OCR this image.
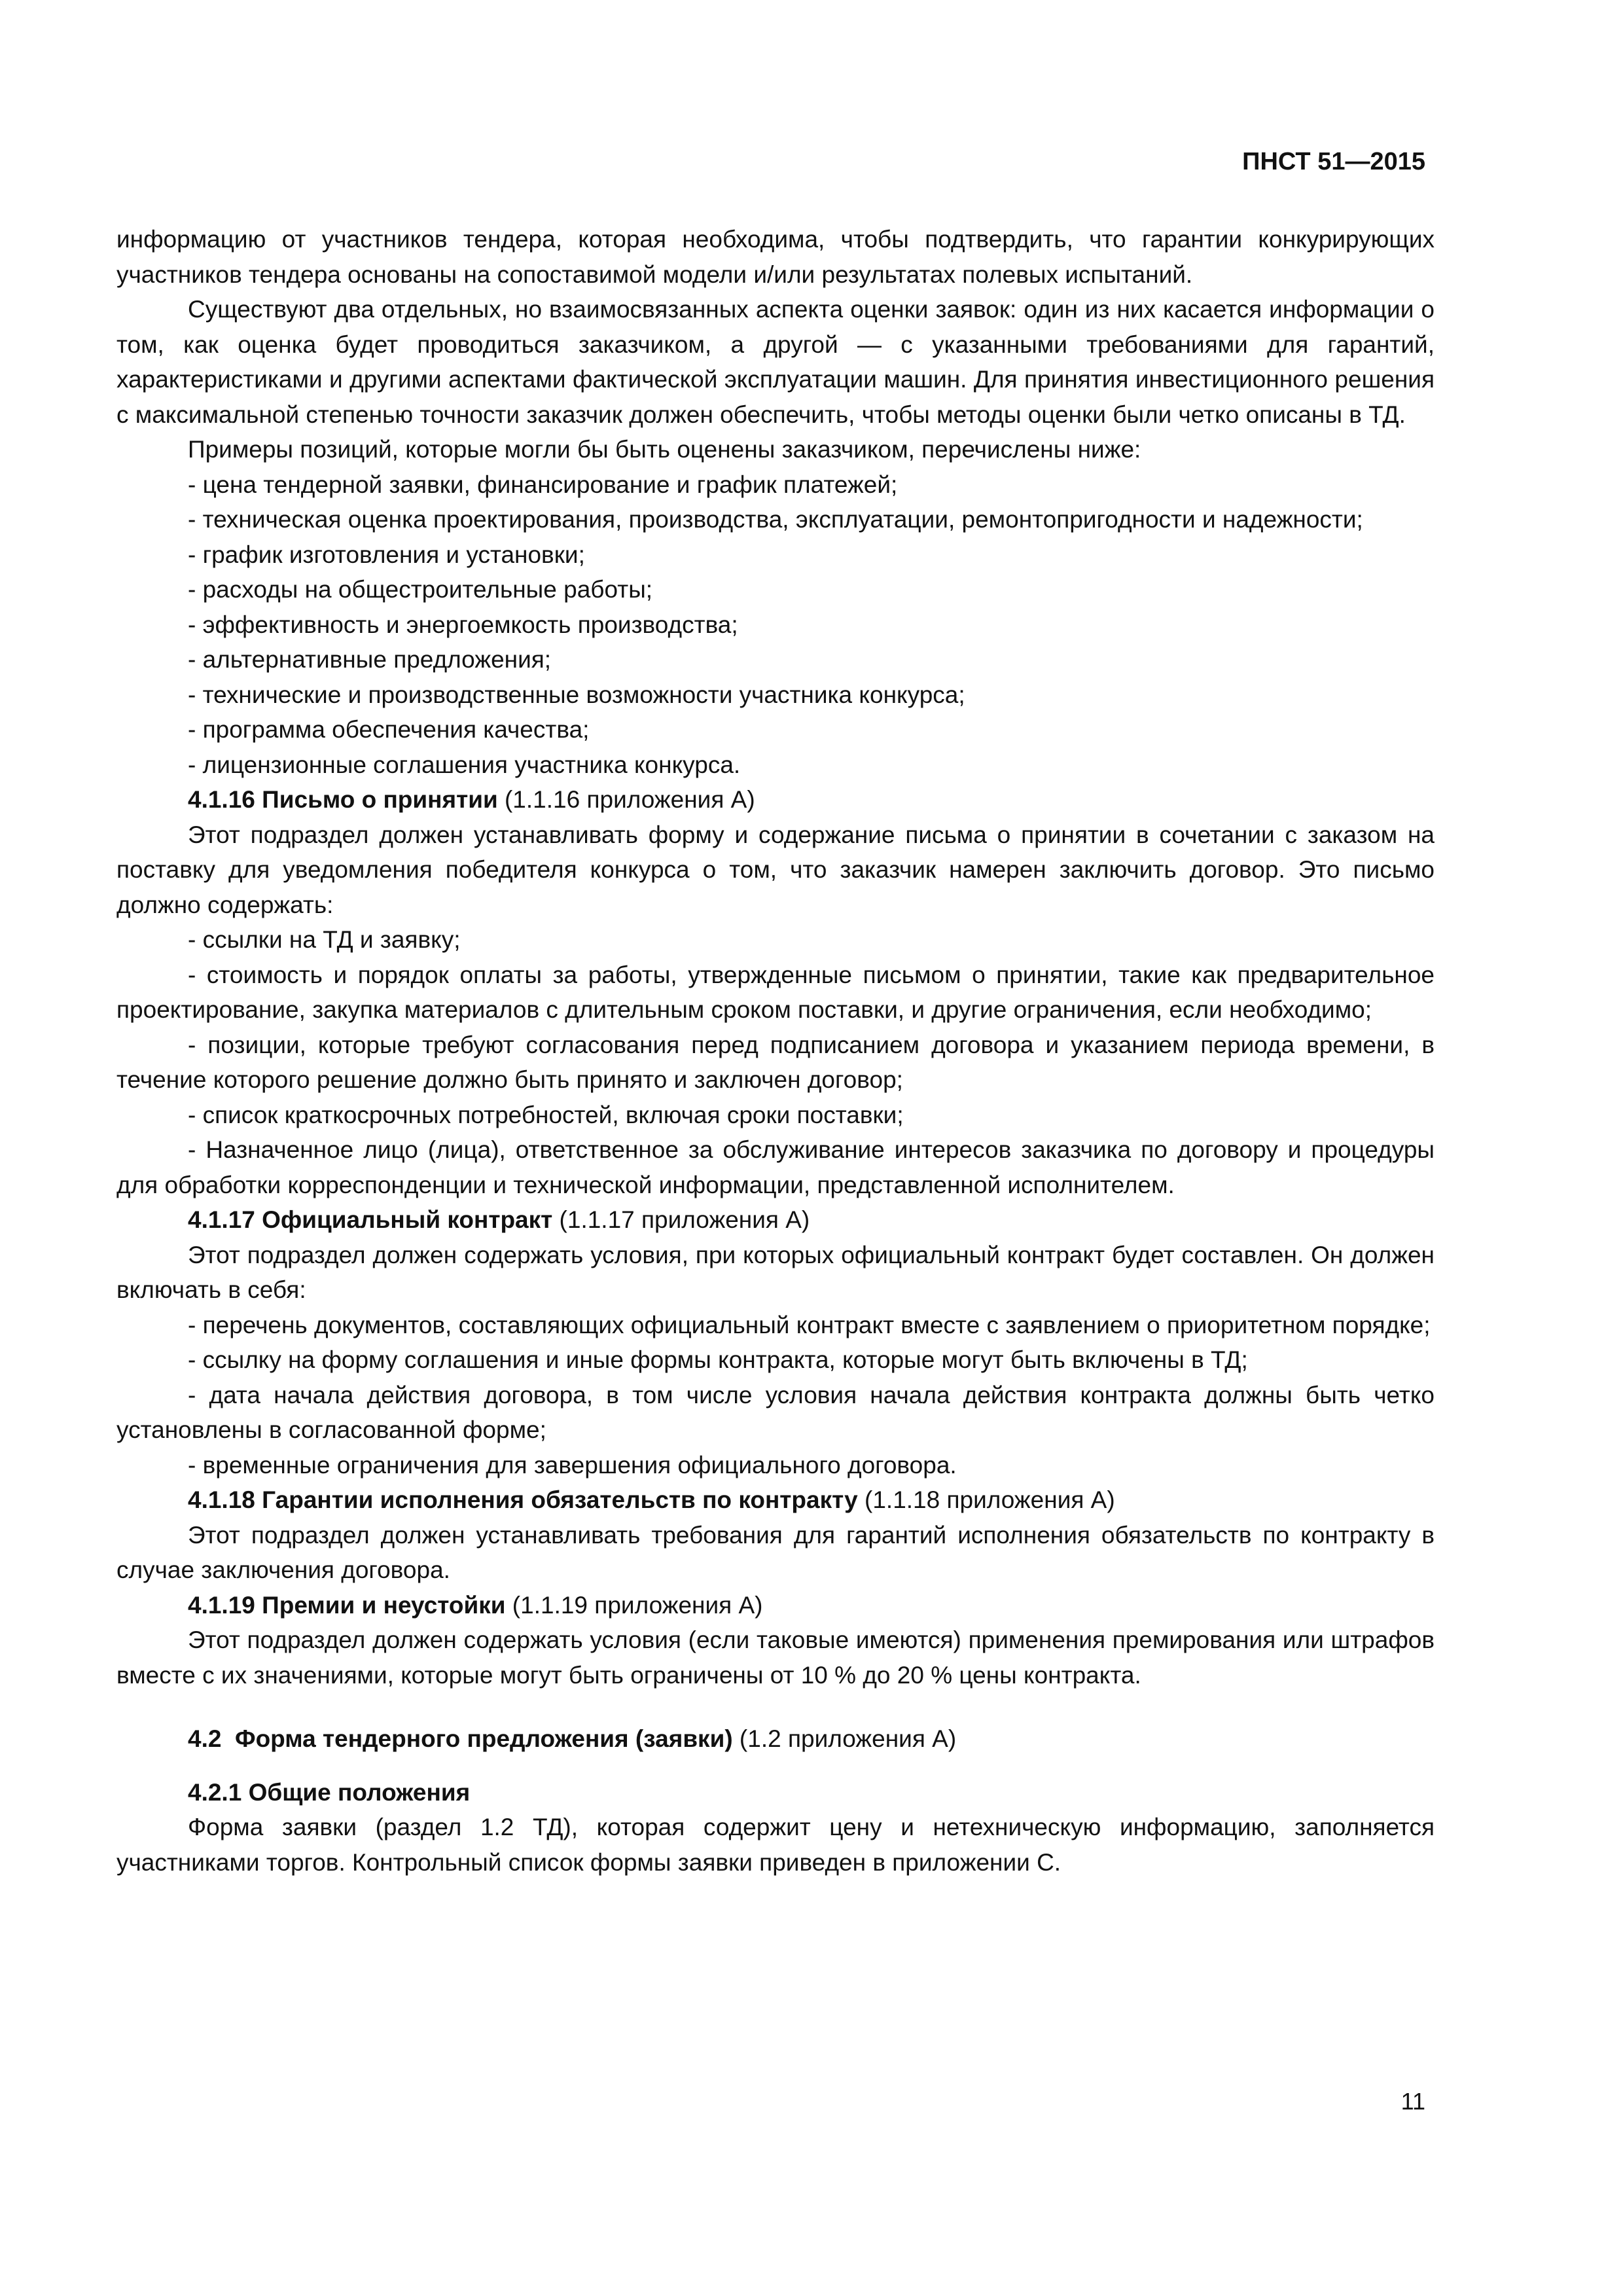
ПНСТ 51—2015

информацию от участников тендера, которая необходима, чтобы подтвердить, что гарантии конкурирующих участников тендера основаны на сопоставимой модели и/или результатах полевых испытаний.

Существуют два отдельных, но взаимосвязанных аспекта оценки заявок: один из них касается информации о том, как оценка будет проводиться заказчиком, а другой — с указанными требованиями для гарантий, характеристиками и другими аспектами фактической эксплуатации машин. Для принятия инвестиционного решения с максимальной степенью точности заказчик должен обеспечить, чтобы методы оценки были четко описаны в ТД.

Примеры позиций, которые могли бы быть оценены заказчиком, перечислены ниже:

- цена тендерной заявки, финансирование и график платежей;

- техническая оценка проектирования, производства, эксплуатации, ремонтопригодности и надежности;

- график изготовления и установки;

- расходы на общестроительные работы;

- эффективность и энергоемкость производства;

- альтернативные предложения;

- технические и производственные возможности участника конкурса;

- программа обеспечения качества;

- лицензионные соглашения участника конкурса.

4.1.16 Письмо о принятии (1.1.16 приложения А)

Этот подраздел должен устанавливать форму и содержание письма о принятии в сочетании с заказом на поставку для уведомления победителя конкурса о том, что заказчик намерен заключить договор. Это письмо должно содержать:

- ссылки на ТД и заявку;

- стоимость и порядок оплаты за работы, утвержденные письмом о принятии, такие как предварительное проектирование, закупка материалов с длительным сроком поставки, и другие ограничения, если необходимо;

- позиции, которые требуют согласования перед подписанием договора и указанием периода времени, в течение которого решение должно быть принято и заключен договор;

- список краткосрочных потребностей, включая сроки поставки;

- Назначенное лицо (лица), ответственное за обслуживание интересов заказчика по договору и процедуры для обработки корреспонденции и технической информации, представленной исполнителем.

4.1.17 Официальный контракт (1.1.17 приложения А)

Этот подраздел должен содержать условия, при которых официальный контракт будет составлен. Он должен включать в себя:

- перечень документов, составляющих официальный контракт вместе с заявлением о приоритетном порядке;

- ссылку на форму соглашения и иные формы контракта, которые могут быть включены в ТД;

- дата начала действия договора, в том числе условия начала действия контракта должны быть четко установлены в согласованной форме;

- временные ограничения для завершения официального договора.

4.1.18 Гарантии исполнения обязательств по контракту (1.1.18 приложения А)

Этот подраздел должен устанавливать требования для гарантий исполнения обязательств по контракту в случае заключения договора.

4.1.19 Премии и неустойки (1.1.19 приложения А)

Этот подраздел должен содержать условия (если таковые имеются) применения премирования или штрафов вместе с их значениями, которые могут быть ограничены от 10 % до 20 % цены контракта.

4.2  Форма тендерного предложения (заявки) (1.2 приложения А)

4.2.1 Общие положения

Форма заявки (раздел 1.2 ТД), которая содержит цену и нетехническую информацию, заполняется участниками торгов. Контрольный список формы заявки приведен в приложении С.

11
